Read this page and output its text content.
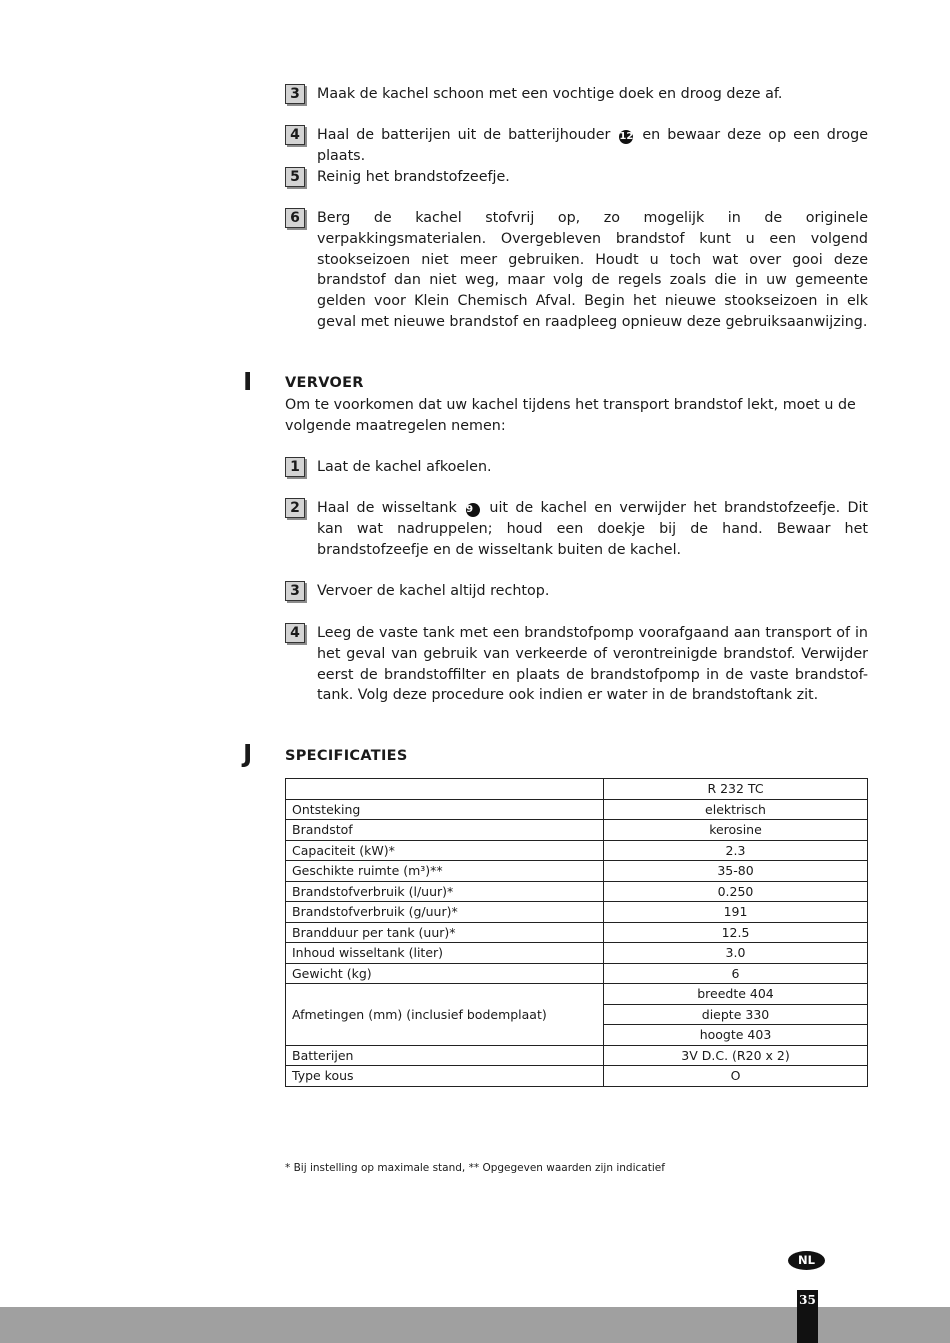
3	Maak de kachel schoon met een vochtige doek en droog deze af.
4	Haal de batterijen uit de batterijhouder 12 en bewaar deze op een droge plaats.
5	Reinig het brandstofzeefje.
6	Berg de kachel stofvrij op, zo mogelijk in de originele verpakkingsmaterialen. Overgebleven brandstof kunt u een volgend stookseizoen niet meer gebruiken. Houdt u toch wat over gooi deze brandstof dan niet weg, maar volg de regels zoals die in uw gemeente gelden voor Klein Chemisch Afval. Begin het nieuwe stookseizoen in elk geval met nieuwe brandstof en raadpleeg opnieuw deze gebruiksaanwijzing.
I VERVOER
Om te voorkomen dat uw kachel tijdens het transport brandstof lekt, moet u de volgende maatregelen nemen:
1	Laat de kachel afkoelen.
2	Haal de wisseltank 9 uit de kachel en verwijder het brandstofzeefje. Dit kan wat nadruppelen; houd een doekje bij de hand. Bewaar het brandstofzeefje en de wisseltank buiten de kachel.
3	Vervoer de kachel altijd rechtop.
4	Leeg de vaste tank met een brandstofpomp voorafgaand aan transport of in het geval van gebruik van verkeerde of verontreinigde brandstof. Verwijder eerst de brandstoffilter en plaats de brandstofpomp in de vaste brandstof-tank. Volg deze procedure ook indien er water in de brandstoftank zit.
J SPECIFICATIES
	R 232 TC
Ontsteking	elektrisch
Brandstof	kerosine
Capaciteit (kW)*	2.3
Geschikte ruimte (m³)**	35-80
Brandstofverbruik (l/uur)*	0.250
Brandstofverbruik (g/uur)*	191
Brandduur per tank (uur)*	12.5
Inhoud wisseltank (liter)	3.0
Gewicht (kg)	6
Afmetingen (mm) (inclusief bodemplaat)	breedte 404
	diepte 330
	hoogte 403
Batterijen	3V D.C. (R20 x 2)
Type kous	O
* Bij instelling op maximale stand, ** Opgegeven waarden zijn indicatief
NL
35
